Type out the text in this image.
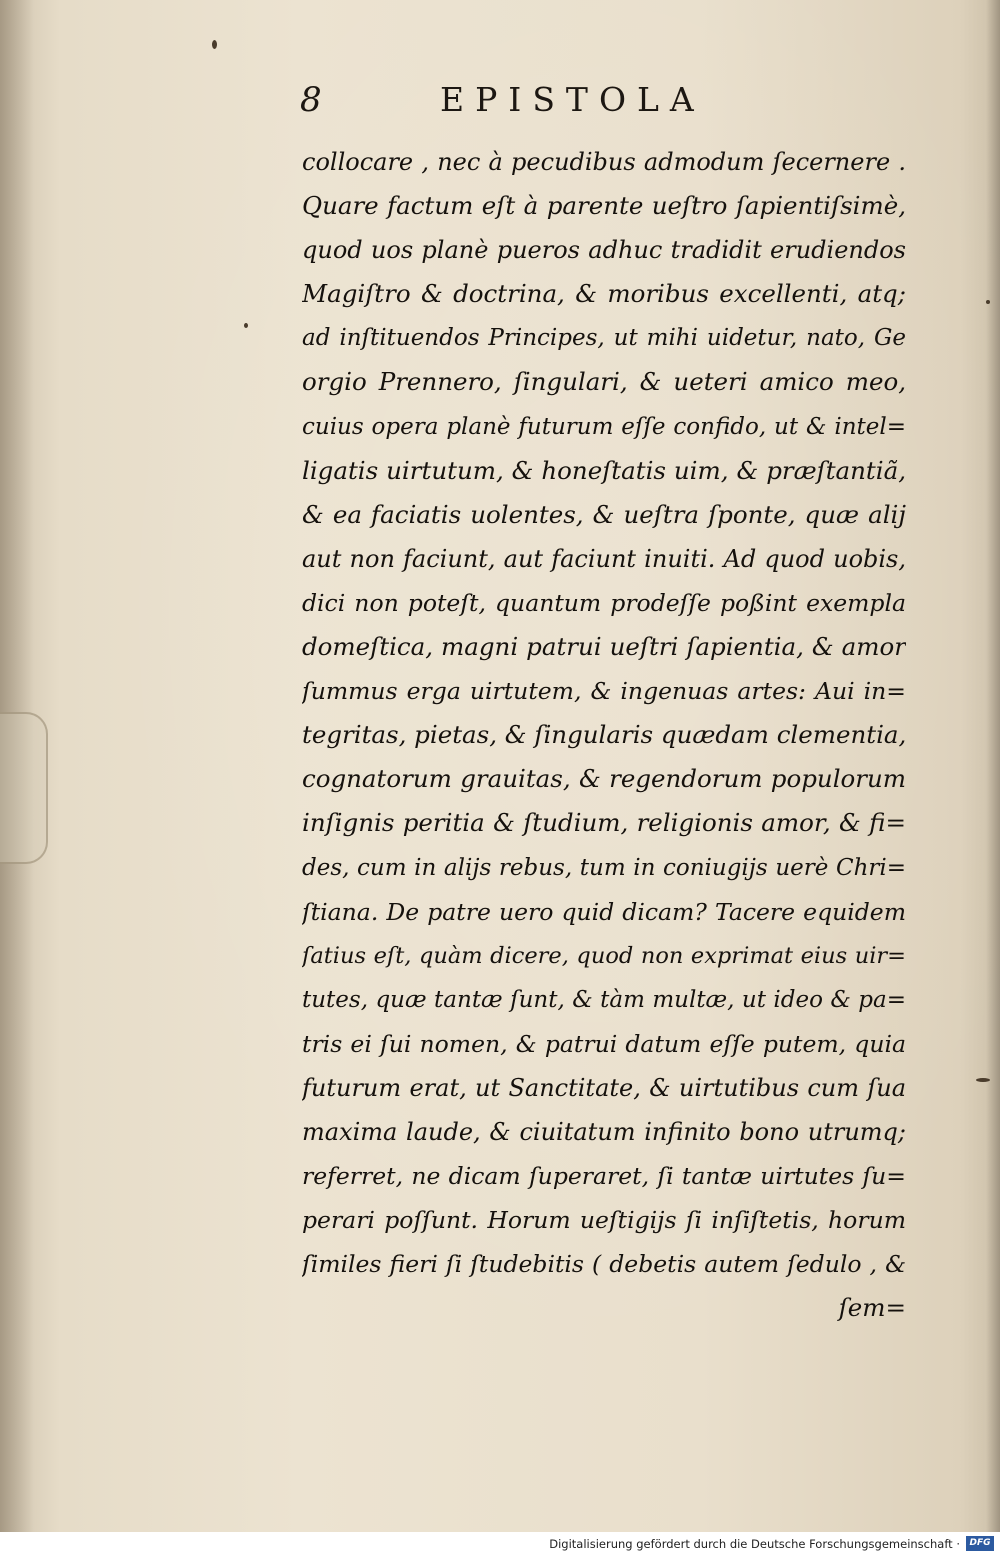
8	EPISTOLA
collocare , nec à pecudibus admodum ſecernere .
Quare factum eſt à parente ueſtro ſapientiſsimè,
quod uos planè pueros adhuc tradidit erudiendos
Magiſtro & doctrina, & moribus excellenti, atq;
ad inſtituendos Principes, ut mihi uidetur, nato, Ge
orgio Prennero, ſingulari, & ueteri amico meo,
cuius opera planè futurum eſſe confido, ut & intel=
ligatis uirtutum, & honeſtatis uim, & præſtantiã,
& ea faciatis uolentes, & ueſtra ſponte, quæ alij
aut non faciunt, aut faciunt inuiti. Ad quod uobis,
dici non poteſt, quantum prodeſſe poßint exempla
domeſtica, magni patrui ueſtri ſapientia, & amor
ſummus erga uirtutem, & ingenuas artes: Aui in=
tegritas, pietas, & ſingularis quædam clementia,
cognatorum grauitas, & regendorum populorum
inſignis peritia & ſtudium, religionis amor, & fi=
des, cum in alijs rebus, tum in coniugijs uerè Chri=
ſtiana. De patre uero quid dicam? Tacere equidem
ſatius eſt, quàm dicere, quod non exprimat eius uir=
tutes, quæ tantæ ſunt, & tàm multæ, ut ideo & pa=
tris ei ſui nomen, & patrui datum eſſe putem, quia
futurum erat, ut Sanctitate, & uirtutibus cum ſua
maxima laude, & ciuitatum infinito bono utrumq;
referret, ne dicam ſuperaret, ſi tantæ uirtutes ſu=
perari poſſunt. Horum ueſtigijs ſi inſiſtetis, horum
ſimiles fieri ſi ſtudebitis ( debetis autem ſedulo , &
ſem=
Digitalisierung gefördert durch die Deutsche Forschungsgemeinschaft ·	DFG
